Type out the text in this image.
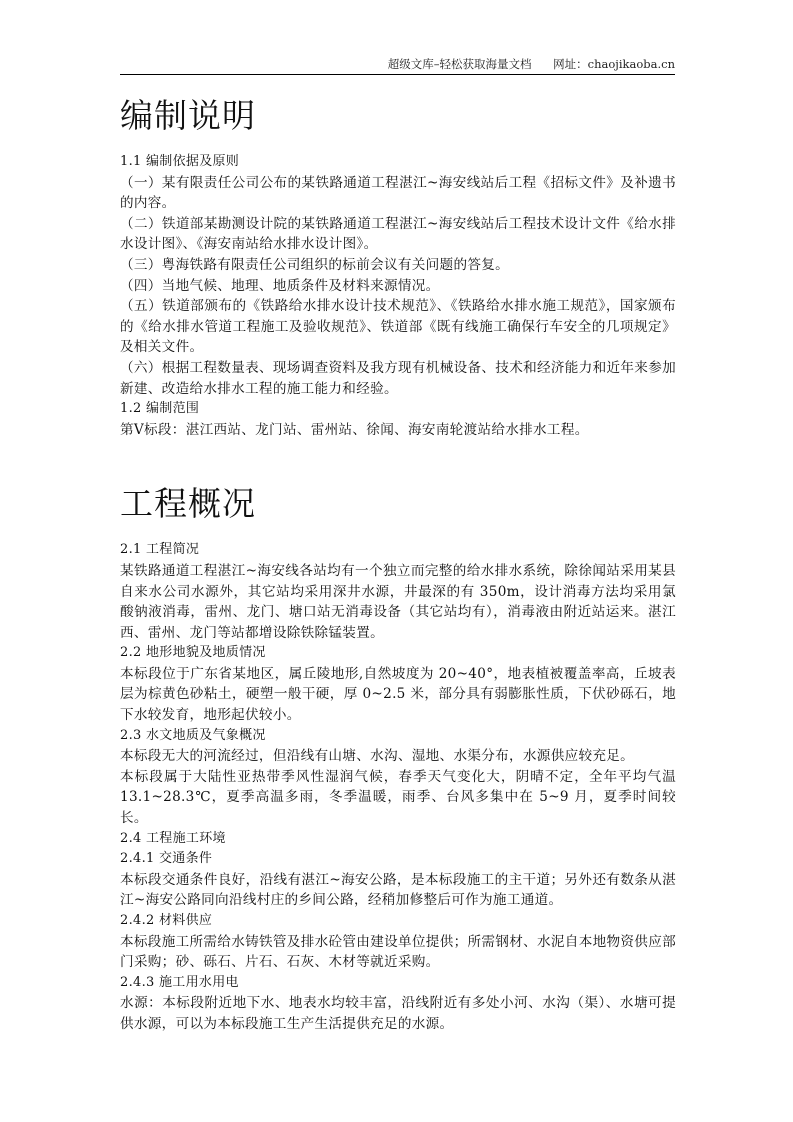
超级文库–轻松获取海量文档 网址：chaojikaoba.cn
编制说明

1.1 编制依据及原则

（一）某有限责任公司公布的某铁路通道工程湛江~海安线站后工程《招标文件》及补遗书的内容。

（二）铁道部某勘测设计院的某铁路通道工程湛江~海安线站后工程技术设计文件《给水排水设计图》、《海安南站给水排水设计图》。

（三）粤海铁路有限责任公司组织的标前会议有关问题的答复。

（四）当地气候、地理、地质条件及材料来源情况。

（五）铁道部颁布的《铁路给水排水设计技术规范》、《铁路给水排水施工规范》，国家颁布的《给水排水管道工程施工及验收规范》、铁道部《既有线施工确保行车安全的几项规定》及相关文件。

（六）根据工程数量表、现场调查资料及我方现有机械设备、技术和经济能力和近年来参加新建、改造给水排水工程的施工能力和经验。

1.2 编制范围

第Ⅴ标段：湛江西站、龙门站、雷州站、徐闻、海安南轮渡站给水排水工程。

工程概况

2.1 工程简况

某铁路通道工程湛江~海安线各站均有一个独立而完整的给水排水系统，除徐闻站采用某县自来水公司水源外，其它站均采用深井水源，井最深的有 350m，设计消毒方法均采用氯酸钠液消毒，雷州、龙门、塘口站无消毒设备（其它站均有），消毒液由附近站运来。湛江西、雷州、龙门等站都增设除铁除锰装置。

2.2 地形地貌及地质情况

本标段位于广东省某地区，属丘陵地形,自然坡度为 20~40°，地表植被覆盖率高，丘坡表层为棕黄色砂粘土，硬塑一般干硬，厚 0~2.5 米，部分具有弱膨胀性质，下伏砂砾石，地下水较发育，地形起伏较小。

2.3 水文地质及气象概况

本标段无大的河流经过，但沿线有山塘、水沟、湿地、水渠分布，水源供应较充足。

本标段属于大陆性亚热带季风性湿润气候，春季天气变化大，阴晴不定，全年平均气温 13.1~28.3℃，夏季高温多雨，冬季温暖，雨季、台风多集中在 5~9 月，夏季时间较长。

2.4 工程施工环境

2.4.1 交通条件

本标段交通条件良好，沿线有湛江~海安公路，是本标段施工的主干道；另外还有数条从湛江~海安公路同向沿线村庄的乡间公路，经稍加修整后可作为施工通道。

2.4.2 材料供应

本标段施工所需给水铸铁管及排水砼管由建设单位提供；所需钢材、水泥自本地物资供应部门采购；砂、砾石、片石、石灰、木材等就近采购。

2.4.3 施工用水用电

水源：本标段附近地下水、地表水均较丰富，沿线附近有多处小河、水沟（渠）、水塘可提供水源，可以为本标段施工生产生活提供充足的水源。
